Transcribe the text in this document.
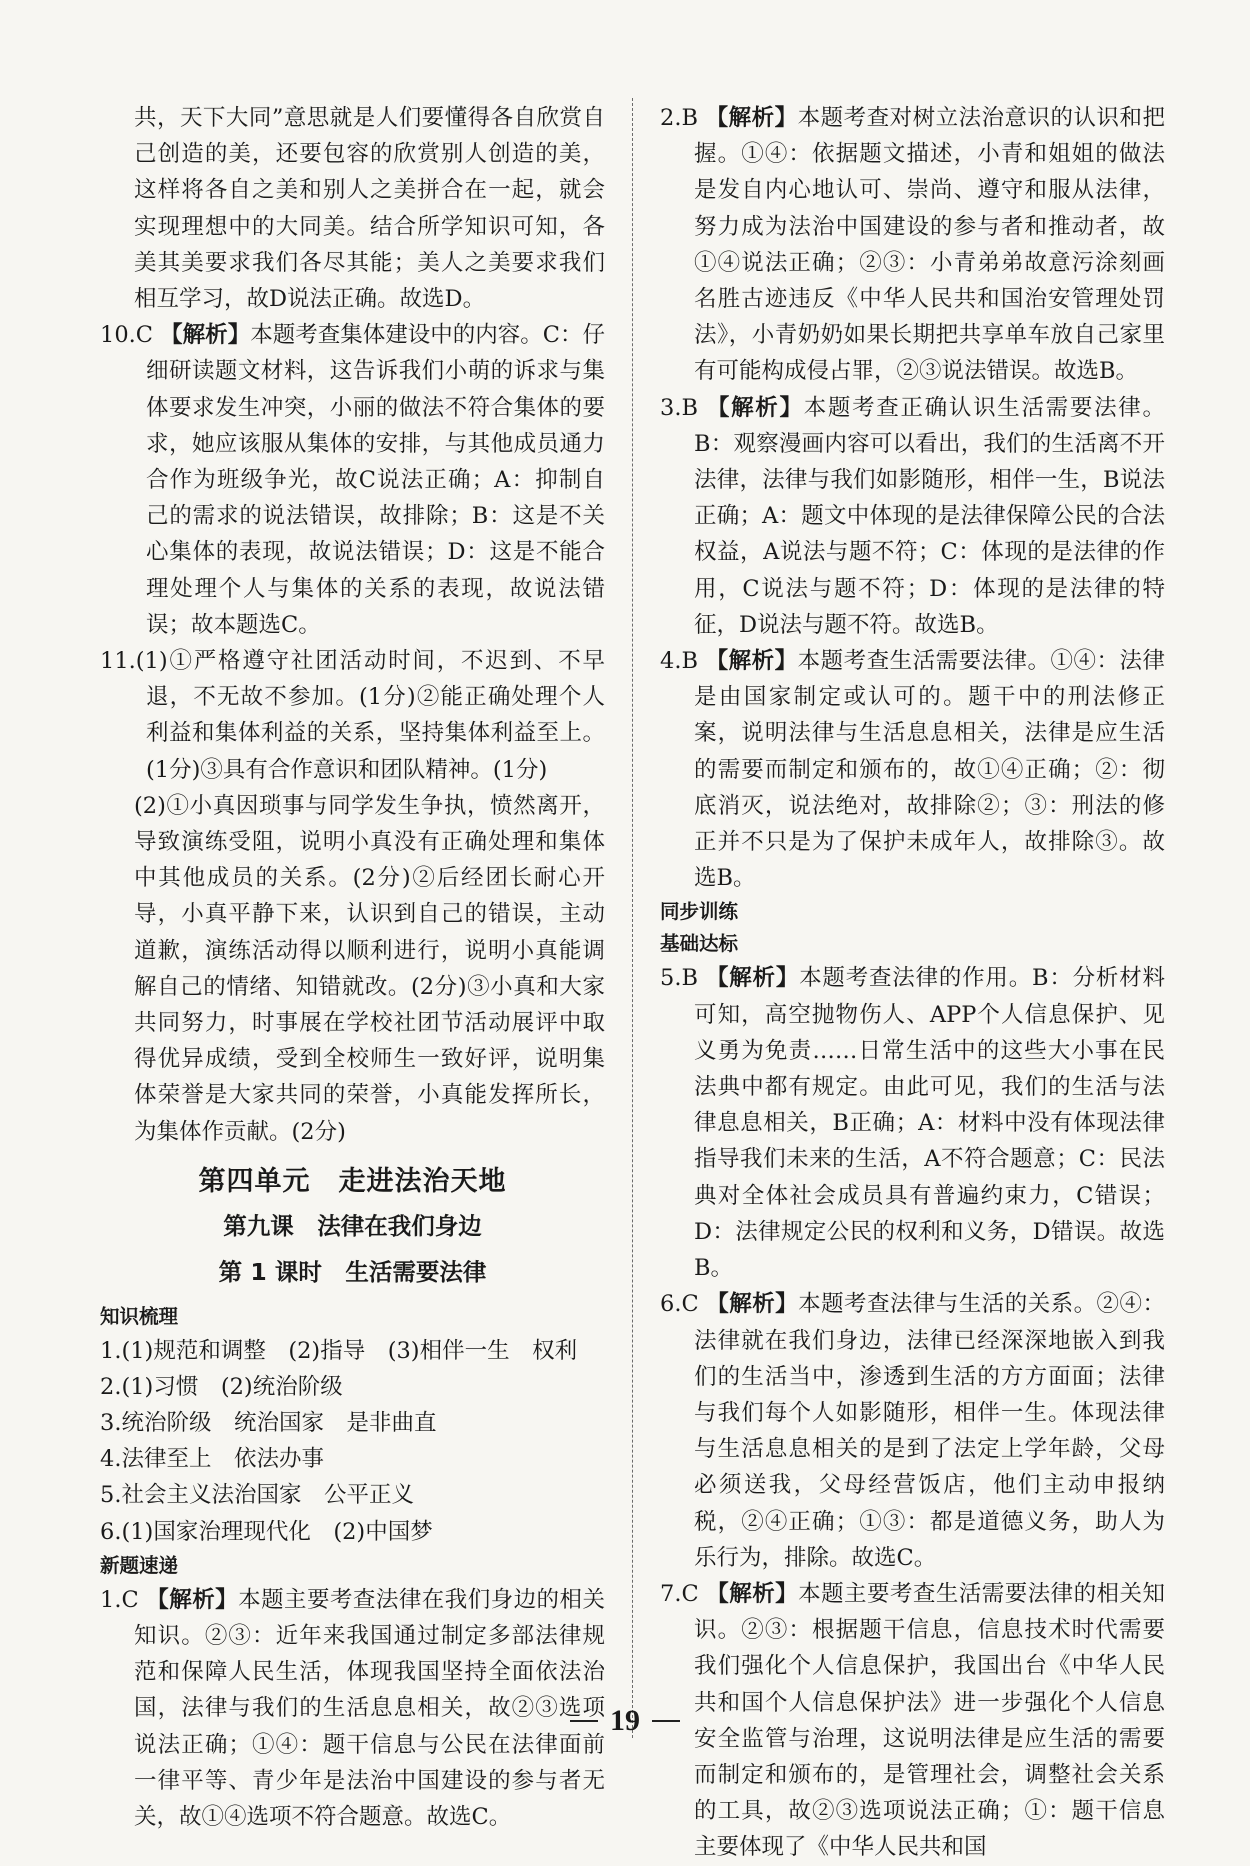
共，天下大同”意思就是人们要懂得各自欣赏自己创造的美，还要包容的欣赏别人创造的美，这样将各自之美和别人之美拼合在一起，就会实现理想中的大同美。结合所学知识可知，各美其美要求我们各尽其能；美人之美要求我们相互学习，故D说法正确。故选D。

10.C 【解析】本题考查集体建设中的内容。C：仔细研读题文材料，这告诉我们小萌的诉求与集体要求发生冲突，小丽的做法不符合集体的要求，她应该服从集体的安排，与其他成员通力合作为班级争光，故C说法正确；A：抑制自己的需求的说法错误，故排除；B：这是不关心集体的表现，故说法错误；D：这是不能合理处理个人与集体的关系的表现，故说法错误；故本题选C。

11.(1)①严格遵守社团活动时间，不迟到、不早退，不无故不参加。(1分)②能正确处理个人利益和集体利益的关系，坚持集体利益至上。(1分)③具有合作意识和团队精神。(1分)

(2)①小真因琐事与同学发生争执，愤然离开，导致演练受阻，说明小真没有正确处理和集体中其他成员的关系。(2分)②后经团长耐心开导，小真平静下来，认识到自己的错误，主动道歉，演练活动得以顺利进行，说明小真能调解自己的情绪、知错就改。(2分)③小真和大家共同努力，时事展在学校社团节活动展评中取得优异成绩，受到全校师生一致好评，说明集体荣誉是大家共同的荣誉，小真能发挥所长，为集体作贡献。(2分)

第四单元　走进法治天地
第九课　法律在我们身边
第 1 课时　生活需要法律

知识梳理

1.(1)规范和调整　(2)指导　(3)相伴一生　权利

2.(1)习惯　(2)统治阶级

3.统治阶级　统治国家　是非曲直

4.法律至上　依法办事

5.社会主义法治国家　公平正义

6.(1)国家治理现代化　(2)中国梦

新题速递

1.C 【解析】本题主要考查法律在我们身边的相关知识。②③：近年来我国通过制定多部法律规范和保障人民生活，体现我国坚持全面依法治国，法律与我们的生活息息相关，故②③选项说法正确；①④：题干信息与公民在法律面前一律平等、青少年是法治中国建设的参与者无关，故①④选项不符合题意。故选C。

2.B 【解析】本题考查对树立法治意识的认识和把握。①④：依据题文描述，小青和姐姐的做法是发自内心地认可、崇尚、遵守和服从法律，努力成为法治中国建设的参与者和推动者，故①④说法正确；②③：小青弟弟故意污涂刻画名胜古迹违反《中华人民共和国治安管理处罚法》，小青奶奶如果长期把共享单车放自己家里有可能构成侵占罪，②③说法错误。故选B。

3.B 【解析】本题考查正确认识生活需要法律。B：观察漫画内容可以看出，我们的生活离不开法律，法律与我们如影随形，相伴一生，B说法正确；A：题文中体现的是法律保障公民的合法权益，A说法与题不符；C：体现的是法律的作用，C说法与题不符；D：体现的是法律的特征，D说法与题不符。故选B。

4.B 【解析】本题考查生活需要法律。①④：法律是由国家制定或认可的。题干中的刑法修正案，说明法律与生活息息相关，法律是应生活的需要而制定和颁布的，故①④正确；②：彻底消灭，说法绝对，故排除②；③：刑法的修正并不只是为了保护未成年人，故排除③。故选B。

同步训练

基础达标

5.B 【解析】本题考查法律的作用。B：分析材料可知，高空抛物伤人、APP个人信息保护、见义勇为免责……日常生活中的这些大小事在民法典中都有规定。由此可见，我们的生活与法律息息相关，B正确；A：材料中没有体现法律指导我们未来的生活，A不符合题意；C：民法典对全体社会成员具有普遍约束力，C错误；D：法律规定公民的权利和义务，D错误。故选B。

6.C 【解析】本题考查法律与生活的关系。②④：法律就在我们身边，法律已经深深地嵌入到我们的生活当中，渗透到生活的方方面面；法律与我们每个人如影随形，相伴一生。体现法律与生活息息相关的是到了法定上学年龄，父母必须送我，父母经营饭店，他们主动申报纳税，②④正确；①③：都是道德义务，助人为乐行为，排除。故选C。

7.C 【解析】本题主要考查生活需要法律的相关知识。②③：根据题干信息，信息技术时代需要我们强化个人信息保护，我国出台《中华人民共和国个人信息保护法》进一步强化个人信息安全监管与治理，这说明法律是应生活的需要而制定和颁布的，是管理社会，调整社会关系的工具，故②③选项说法正确；①：题干信息主要体现了《中华人民共和国

19
